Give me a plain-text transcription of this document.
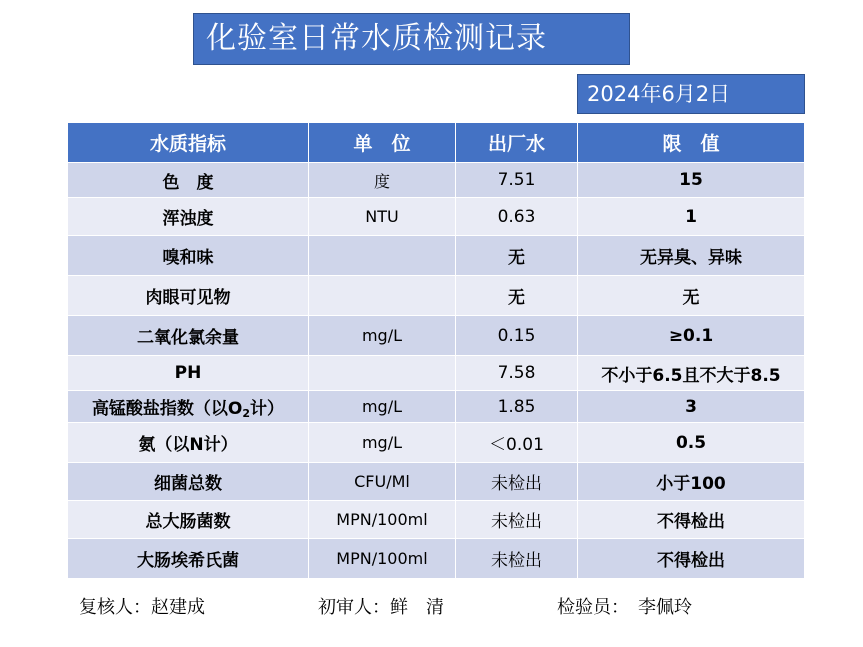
化验室日常水质检测记录
2024年6月2日
水质指标	单　位	出厂水	限　值
色　度	度	7.51	15
浑浊度	NTU	0.63	1
嗅和味		无	无异臭、异味
肉眼可见物		无	无
二氧化氯余量	mg/L	0.15	≥0.1
PH		7.58	不小于6.5且不大于8.5
高锰酸盐指数（以$O_2$计）	mg/L	1.85	3
氨（以N计）	mg/L	＜0.01	0.5
细菌总数	CFU/Ml	未检出	小于100
总大肠菌数	MPN/100ml	未检出	不得检出
大肠埃希氏菌	MPN/100ml	未检出	不得检出
复核人：赵建成	初审人：鲜　清	检验员：　李佩玲
